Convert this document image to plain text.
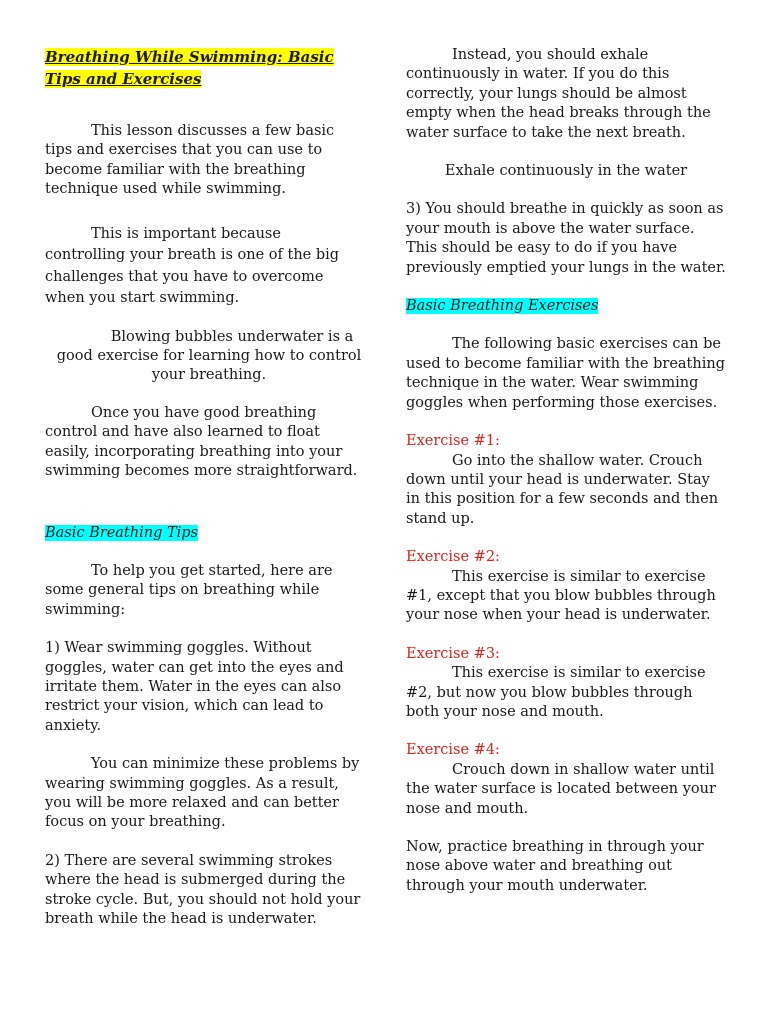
Breathing While Swimming: Basic Tips and Exercises

This lesson discusses a few basic tips and exercises that you can use to become familiar with the breathing technique used while swimming.

This is important because controlling your breath is one of the big challenges that you have to overcome when you start swimming.

Blowing bubbles underwater is a good exercise for learning how to control your breathing.

Once you have good breathing control and have also learned to float easily, incorporating breathing into your swimming becomes more straightforward.

Basic Breathing Tips

To help you get started, here are some general tips on breathing while swimming:

1) Wear swimming goggles. Without goggles, water can get into the eyes and irritate them. Water in the eyes can also restrict your vision, which can lead to anxiety.

You can minimize these problems by wearing swimming goggles. As a result, you will be more relaxed and can better focus on your breathing.

2) There are several swimming strokes where the head is submerged during the stroke cycle. But, you should not hold your breath while the head is underwater.

Instead, you should exhale continuously in water. If you do this correctly, your lungs should be almost empty when the head breaks through the water surface to take the next breath.

Exhale continuously in the water

3) You should breathe in quickly as soon as your mouth is above the water surface. This should be easy to do if you have previously emptied your lungs in the water.

Basic Breathing Exercises

The following basic exercises can be used to become familiar with the breathing technique in the water. Wear swimming goggles when performing those exercises.

Exercise #1:

Go into the shallow water. Crouch down until your head is underwater. Stay in this position for a few seconds and then stand up.

Exercise #2:

This exercise is similar to exercise #1, except that you blow bubbles through your nose when your head is underwater.

Exercise #3:

This exercise is similar to exercise #2, but now you blow bubbles through both your nose and mouth.

Exercise #4:

Crouch down in shallow water until the water surface is located between your nose and mouth.

Now, practice breathing in through your nose above water and breathing out through your mouth underwater.
